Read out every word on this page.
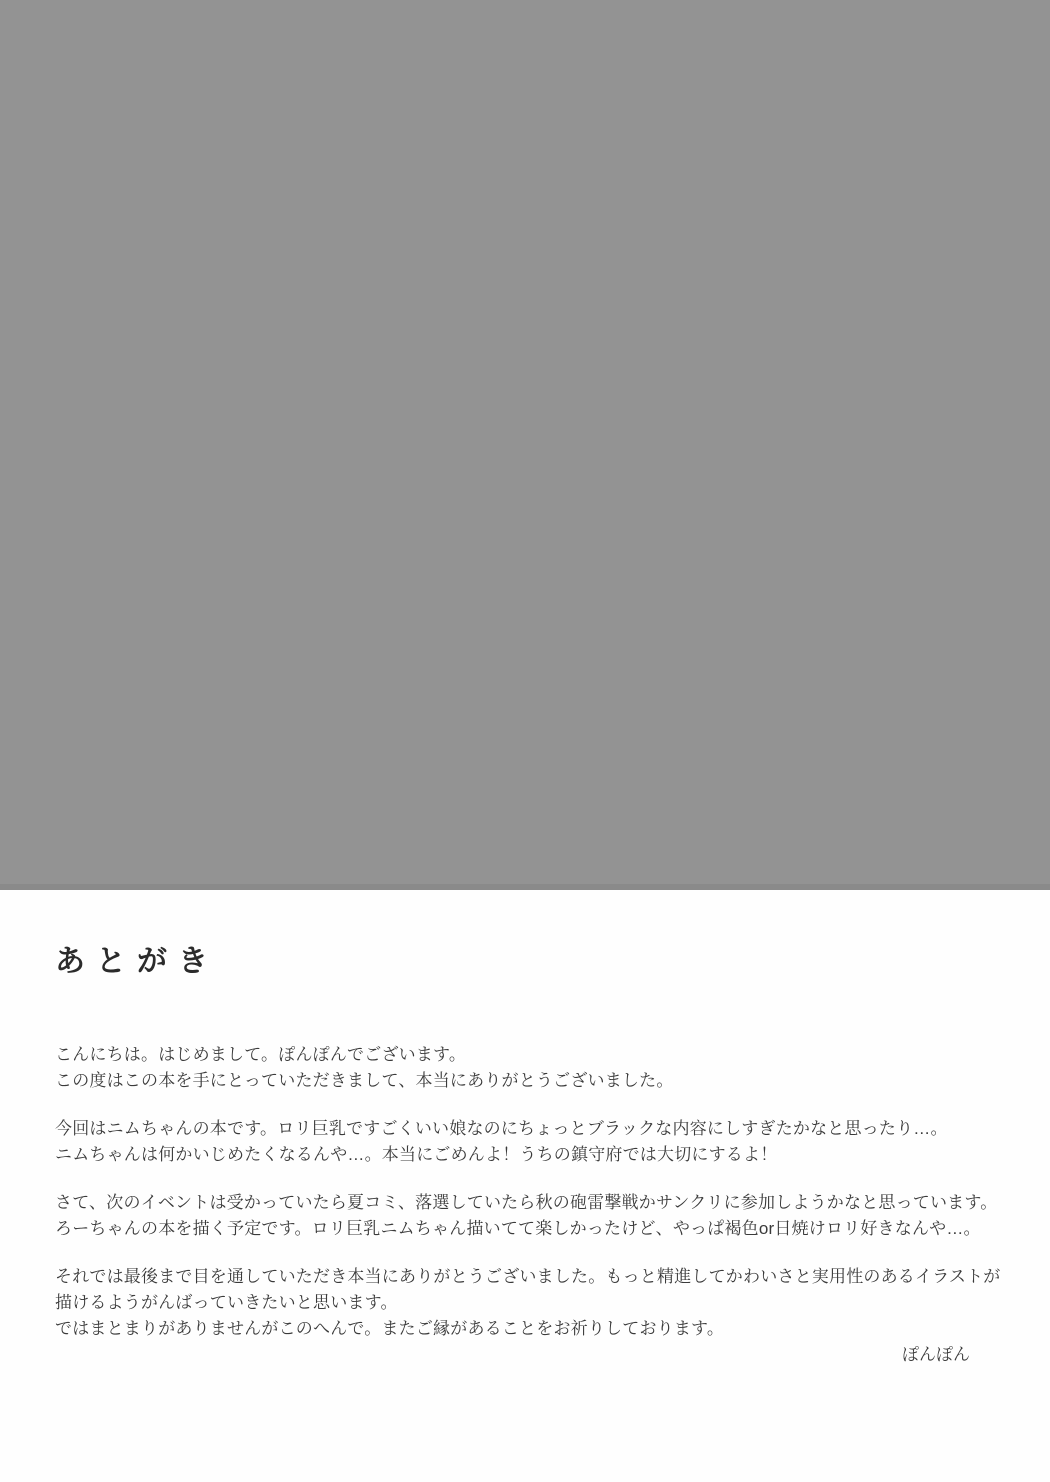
あとがき

こんにちは。はじめまして。ぽんぽんでございます。
この度はこの本を手にとっていただきまして、本当にありがとうございました。

今回はニムちゃんの本です。ロリ巨乳ですごくいい娘なのにちょっとブラックな内容にしすぎたかなと思ったり…。
ニムちゃんは何かいじめたくなるんや…。本当にごめんよ！うちの鎮守府では大切にするよ！

さて、次のイベントは受かっていたら夏コミ、落選していたら秋の砲雷撃戦かサンクリに参加しようかなと思っています。
ろーちゃんの本を描く予定です。ロリ巨乳ニムちゃん描いてて楽しかったけど、やっぱ褐色or日焼けロリ好きなんや…。

それでは最後まで目を通していただき本当にありがとうございました。もっと精進してかわいさと実用性のあるイラストが
描けるようがんばっていきたいと思います。
ではまとまりがありませんがこのへんで。またご縁があることをお祈りしております。

ぽんぽん
